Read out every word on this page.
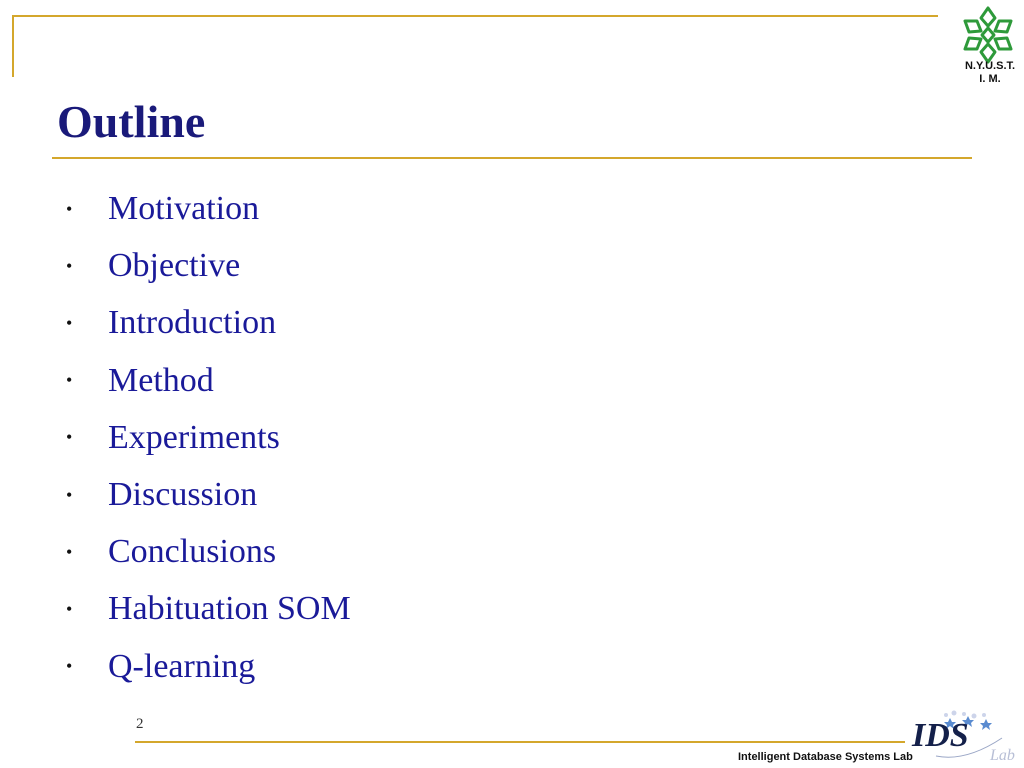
N.Y.U.S.T.
I. M.
Outline
•	Motivation
•	Objective
•	Introduction
•	Method
•	Experiments
•	Discussion
•	Conclusions
•	Habituation SOM
•	Q-learning
2
Intelligent Database Systems Lab
IDS
Lab
